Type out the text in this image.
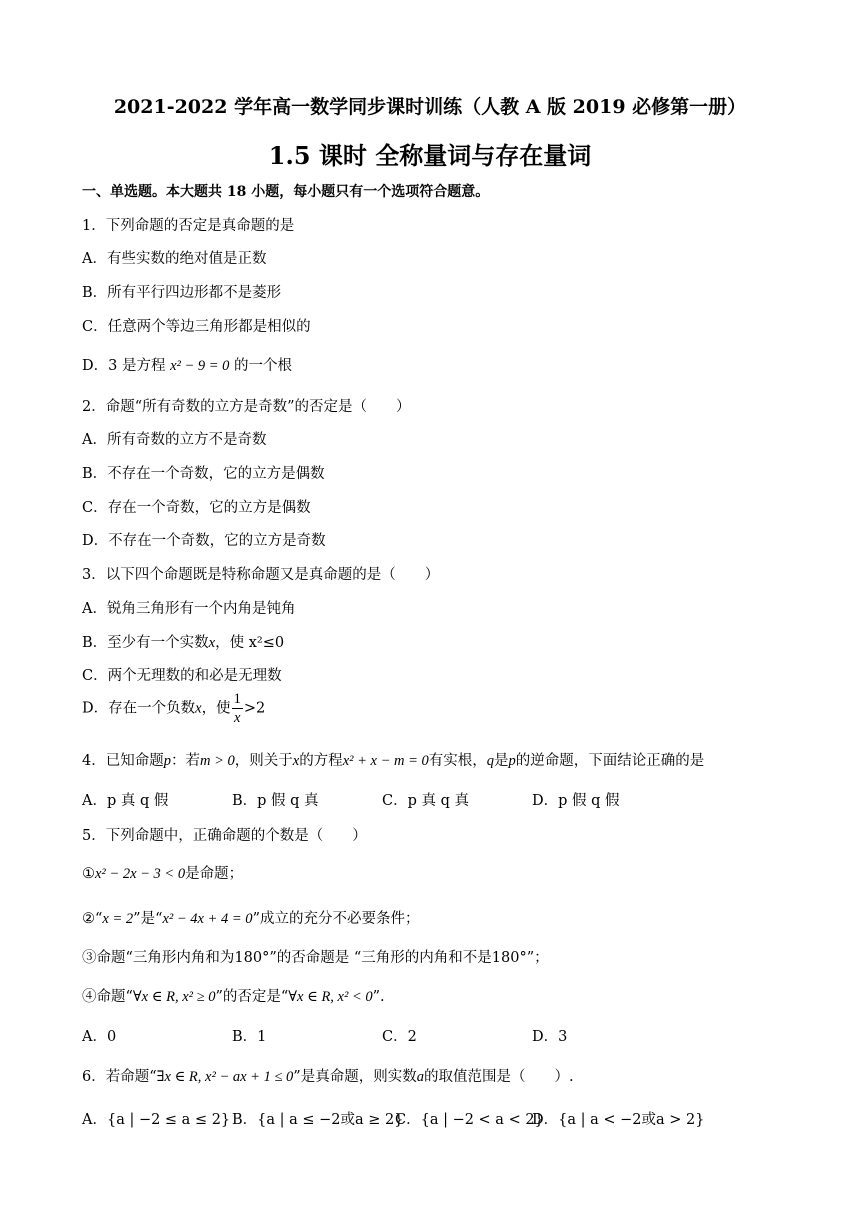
2021-2022 学年高一数学同步课时训练（人教 A 版 2019 必修第一册）
1.5 课时 全称量词与存在量词
一、单选题。本大题共 18 小题，每小题只有一个选项符合题意。
1．下列命题的否定是真命题的是
A．有些实数的绝对值是正数
B．所有平行四边形都不是菱形
C．任意两个等边三角形都是相似的
D．3 是方程 x² − 9 = 0 的一个根
2．命题“所有奇数的立方是奇数”的否定是（　　）
A．所有奇数的立方不是奇数
B．不存在一个奇数，它的立方是偶数
C．存在一个奇数，它的立方是偶数
D．不存在一个奇数，它的立方是奇数
3．以下四个命题既是特称命题又是真命题的是（　　）
A．锐角三角形有一个内角是钝角
B．至少有一个实数x，使 x²≤0
C．两个无理数的和必是无理数
D．存在一个负数x，使 $\frac{1}{x} >2$
4．已知命题p：若m > 0，则关于x的方程x² + x − m = 0有实根，q是p的逆命题，下面结论正确的是
A．p 真 q 假	B．p 假 q 真	C．p 真 q 真	D．p 假 q 假
5．下列命题中，正确命题的个数是（　　）
①x² − 2x − 3 < 0是命题；
②“x = 2”是“x² − 4x + 4 = 0”成立的充分不必要条件；
③命题“三角形内角和为180°”的否命题是 “三角形的内角和不是180°”；
④命题“∀x ∈ R, x² ≥ 0”的否定是“∀x ∈ R, x² < 0”.
A．0	B．1	C．2	D．3
6．若命题“∃x ∈ R, x² − ax + 1 ≤ 0”是真命题，则实数a的取值范围是（　　）.
A．{a | −2 ≤ a ≤ 2} B．{a | a ≤ −2或a ≥ 2}
C．{a | −2 < a < 2}
D．{a | a < −2或a > 2}
